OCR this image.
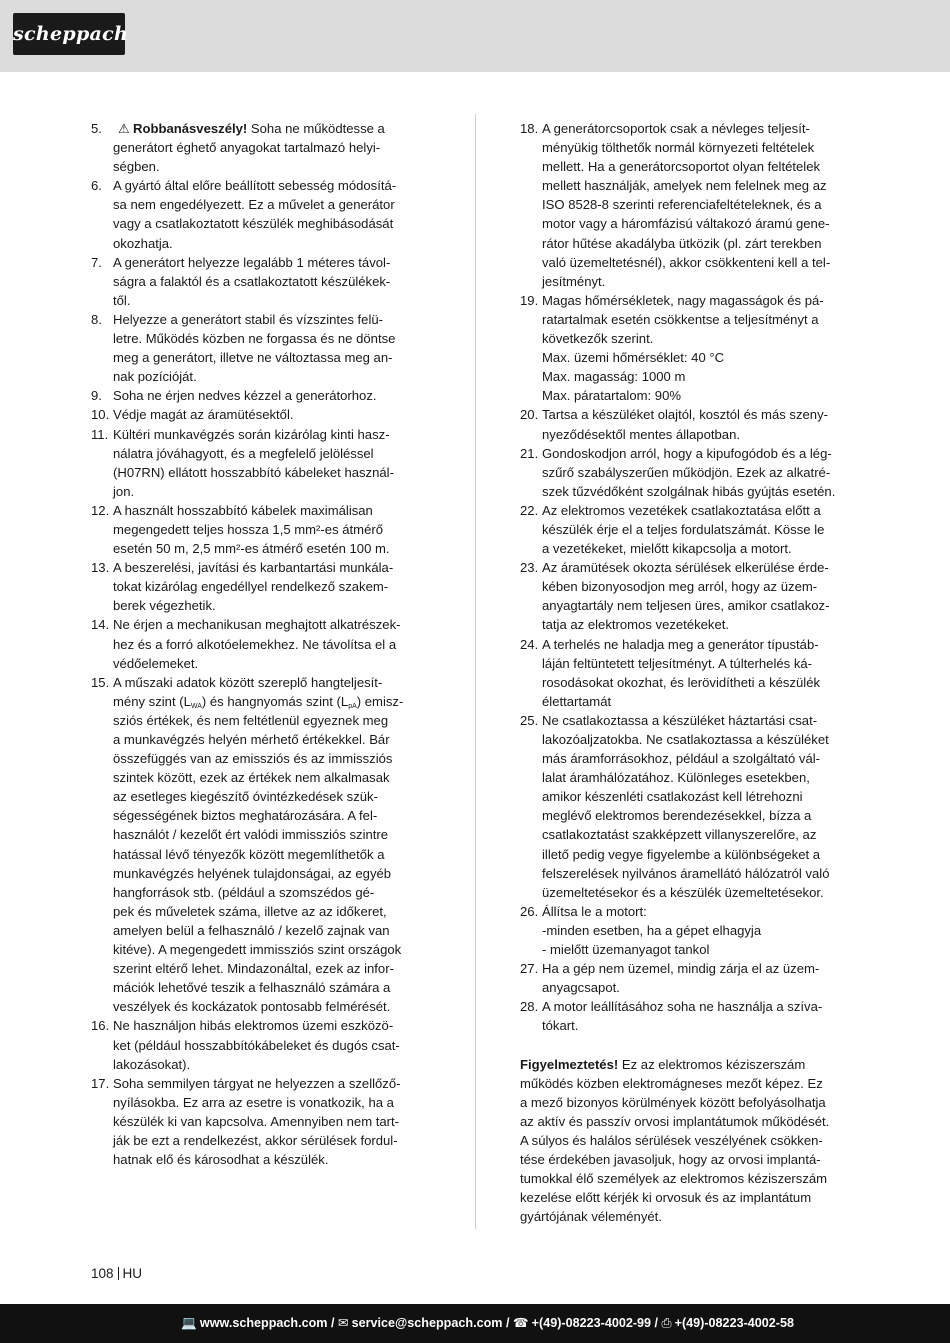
scheppach
5.	⚠ Robbanásveszély! Soha ne működtesse a
generátort éghető anyagokat tartalmazó helyi-
ségben.
6. A gyártó által előre beállított sebesség módosítá-
sa nem engedélyezett. Ez a művelet a generátor
vagy a csatlakoztatott készülék meghibásodását
okozhatja.
7. A generátort helyezze legalább 1 méteres távol-
ságra a falaktól és a csatlakoztatott készülékek-
től.
8. Helyezze a generátort stabil és vízszintes felü-
letre. Működés közben ne forgassa és ne döntse
meg a generátort, illetve ne változtassa meg an-
nak pozícióját.
9. Soha ne érjen nedves kézzel a generátorhoz.
10. Védje magát az áramütésektől.
11. Kültéri munkavégzés során kizárólag kinti hasz-
nálatra jóváhagyott, és a megfelelő jelöléssel
(H07RN) ellátott hosszabbító kábeleket használ-
jon.
12. A használt hosszabbító kábelek maximálisan
megengedett teljes hossza 1,5 mm²-es átmérő
esetén 50 m, 2,5 mm²-es átmérő esetén 100 m.
13. A beszerelési, javítási és karbantartási munkála-
tokat kizárólag engedéllyel rendelkező szakem-
berek végezhetik.
14. Ne érjen a mechanikusan meghajtott alkatrészek-
hez és a forró alkotóelemekhez. Ne távolítsa el a
védőelemeket.
15. A műszaki adatok között szereplő hangteljesít-
mény szint $(L_{WA})$ és hangnyomás szint $(L_{pA})$ emisz-
sziós értékek, és nem feltétlenül egyeznek meg
a munkavégzés helyén mérhető értékekkel. Bár
összefüggés van az emissziós és az immissziós
szintek között, ezek az értékek nem alkalmasak
az esetleges kiegészítő óvintézkedések szük-
ségességének biztos meghatározására. A fel-
használót / kezelőt ért valódi immissziós szintre
hatással lévő tényezők között megemlíthetők a
munkavégzés helyének tulajdonságai, az egyéb
hangforrások stb. (például a szomszédos gé-
pek és műveletek száma, illetve az az időkeret,
amelyen belül a felhasználó / kezelő zajnak van
kitéve). A megengedett immissziós szint országok
szerint eltérő lehet. Mindazonáltal, ezek az infor-
mációk lehetővé teszik a felhasználó számára a
veszélyek és kockázatok pontosabb felmérését.
16. Ne használjon hibás elektromos üzemi eszközö-
ket (például hosszabbítókábeleket és dugós csat-
lakozásokat).
17. Soha semmilyen tárgyat ne helyezzen a szellőző-
nyílásokba. Ez arra az esetre is vonatkozik, ha a
készülék ki van kapcsolva. Amennyiben nem tart-
ják be ezt a rendelkezést, akkor sérülések fordul-
hatnak elő és károsodhat a készülék.
18. A generátorcsoportok csak a névleges teljesít-
ményükig tölthetők normál környezeti feltételek
mellett. Ha a generátorcsoportot olyan feltételek
mellett használják, amelyek nem felelnek meg az
ISO 8528-8 szerinti referenciafeltételeknek, és a
motor vagy a háromfázisú váltakozó áramú gene-
rátor hűtése akadályba ütközik (pl. zárt terekben
való üzemeltetésnél), akkor csökkenteni kell a tel-
jesítményt.
19. Magas hőmérsékletek, nagy magasságok és pá-
ratartalmak esetén csökkentse a teljesítményt a
következők szerint.
Max. üzemi hőmérséklet: 40 °C
Max. magasság: 1000 m
Max. páratartalom: 90%
20. Tartsa a készüléket olajtól, kosztól és más szeny-
nyeződésektől mentes állapotban.
21. Gondoskodjon arról, hogy a kipufogódob és a lég-
szűrő szabályszerűen működjön. Ezek az alkatré-
szek tűzvédőként szolgálnak hibás gyújtás esetén.
22. Az elektromos vezetékek csatlakoztatása előtt a
készülék érje el a teljes fordulatszámát. Kösse le
a vezetékeket, mielőtt kikapcsolja a motort.
23. Az áramütések okozta sérülések elkerülése érde-
kében bizonyosodjon meg arról, hogy az üzem-
anyagtartály nem teljesen üres, amikor csatlakoz-
tatja az elektromos vezetékeket.
24. A terhelés ne haladja meg a generátor típustáb-
láján feltüntetett teljesítményt. A túlterhelés ká-
rosodásokat okozhat, és lerövidítheti a készülék
élettartamát
25. Ne csatlakoztassa a készüléket háztartási csat-
lakozóaljzatokba. Ne csatlakoztassa a készüléket
más áramforrásokhoz, például a szolgáltató vál-
lalat áramhálózatához. Különleges esetekben,
amikor készenléti csatlakozást kell létrehozni
meglévő elektromos berendezésekkel, bízza a
csatlakoztatást szakképzett villanyszerelőre, az
illető pedig vegye figyelembe a különbségeket a
felszerelések nyilvános áramellátó hálózatról való
üzemeltetésekor és a készülék üzemeltetésekor.
26. Állítsa le a motort:
-minden esetben, ha a gépet elhagyja
- mielőtt üzemanyagot tankol
27. Ha a gép nem üzemel, mindig zárja el az üzem-
anyagcsapot.
28. A motor leállításához soha ne használja a szíva-
tókart.
Figyelmeztetés! Ez az elektromos kéziszerszám
működés közben elektromágneses mezőt képez. Ez
a mező bizonyos körülmények között befolyásolhatja
az aktív és passzív orvosi implantátumok működését.
A súlyos és halálos sérülések veszélyének csökken-
tése érdekében javasoljuk, hogy az orvosi implantá-
tumokkal élő személyek az elektromos kéziszerszám
kezelése előtt kérjék ki orvosuk és az implantátum
gyártójának véleményét.
108 HU
💻 www.scheppach.com / ✉ service@scheppach.com / ☎ +(49)-08223-4002-99 / ⎙ +(49)-08223-4002-58
